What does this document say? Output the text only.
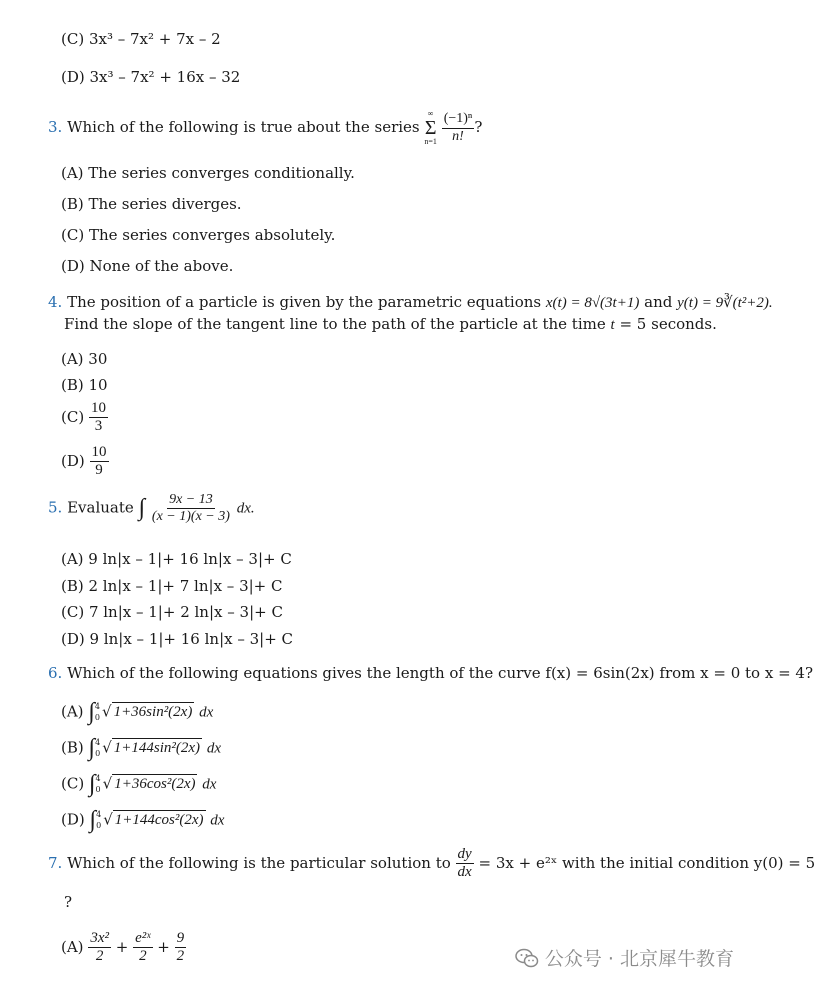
(C) 3x³ – 7x² + 7x – 2
(D) 3x³ – 7x² + 16x – 32
3. Which of the following is true about the series
∞
Σ
n=1
$\frac{\text{(−1)ⁿ}}{n!}$ ?
(A) The series converges conditionally.
(B) The series diverges.
(C) The series converges absolutely.
(D) None of the above.
4. The position of a particle is given by the parametric equations x(t) = 8√(3t+1) and y(t) = 9∛(t²+2).
Find the slope of the tangent line to the path of the particle at the time t = 5 seconds.
(A) 30
(B) 10
$(C) \frac{10}{3}$
$(D) \frac{10}{9}$
5. Evaluate ∫ $\frac{9x - 13}{(x - 1)(x - 3)}$ dx.
(A) 9 ln|x – 1|+ 16 ln|x – 3|+ C
(B) 2 ln|x – 1|+ 7 ln|x – 3|+ C
(C) 7 ln|x – 1|+ 2 ln|x – 3|+ C
(D) 9 ln|x – 1|+ 16 ln|x – 3|+ C
6. Which of the following equations gives the length of the curve f(x) = 6sin(2x) from x = 0 to x = 4?
(A) ∫ 4
0 √ 1+36sin²(2x) dx
(B) ∫ 4
0 √ 1+144sin²(2x) dx
(C) ∫ 4
0 √ 1+36cos²(2x) dx
(D) ∫ 4
0 √ 1+144cos²(2x) dx
7. Which of the following is the particular solution to $\frac{dy}{dx} = 3x$ + e²ˣ with the initial condition y(0) = 5
?
$(A) \frac{\text{3x²}}{2} + \frac{\text{e²ˣ}}{2} + \frac{9}{2}$	公众号 · 北京犀牛教育
